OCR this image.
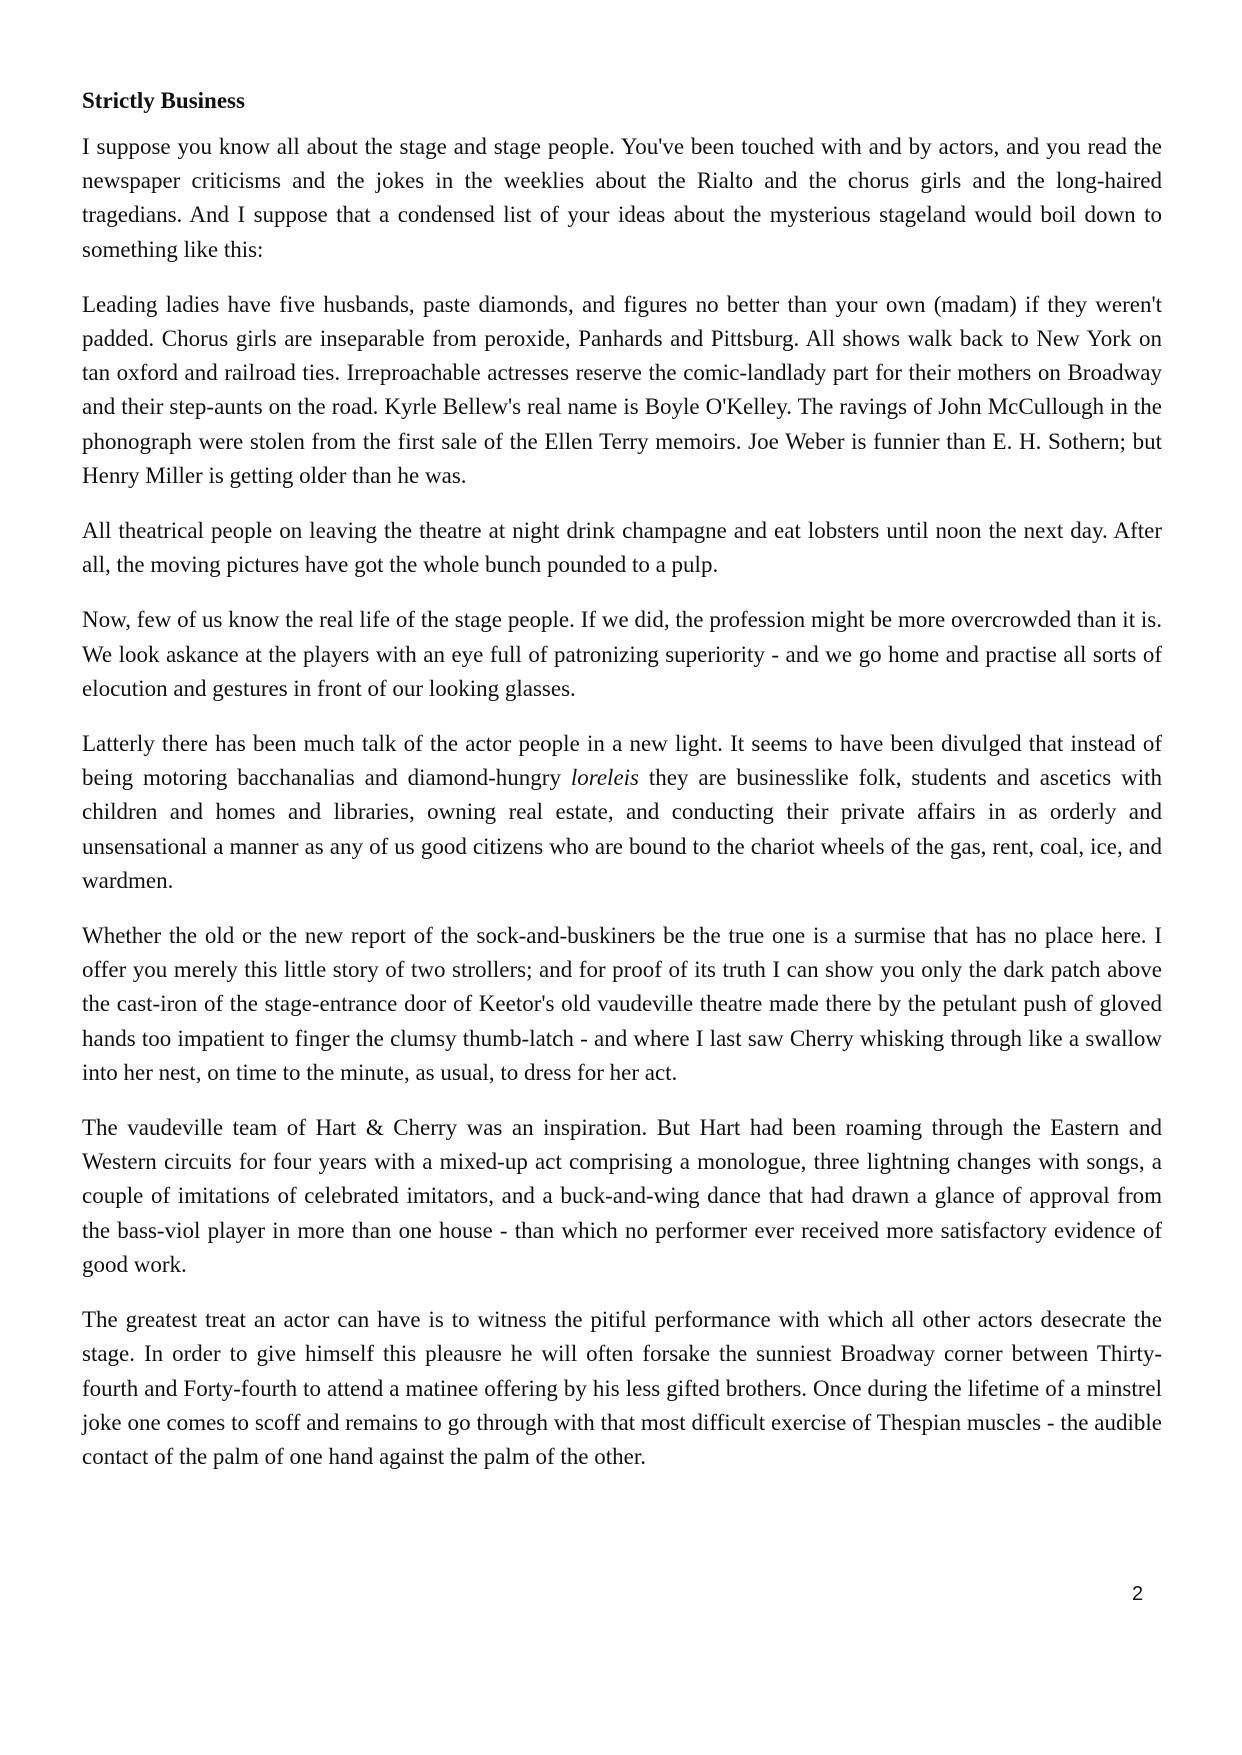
Strictly Business

I suppose you know all about the stage and stage people. You've been touched with and by actors, and you read the newspaper criticisms and the jokes in the weeklies about the Rialto and the chorus girls and the long-haired tragedians. And I suppose that a condensed list of your ideas about the mysterious stageland would boil down to something like this:

Leading ladies have five husbands, paste diamonds, and figures no better than your own (madam) if they weren't padded. Chorus girls are inseparable from peroxide, Panhards and Pittsburg. All shows walk back to New York on tan oxford and railroad ties. Irreproachable actresses reserve the comic-landlady part for their mothers on Broadway and their step-aunts on the road. Kyrle Bellew's real name is Boyle O'Kelley. The ravings of John McCullough in the phonograph were stolen from the first sale of the Ellen Terry memoirs. Joe Weber is funnier than E. H. Sothern; but Henry Miller is getting older than he was.

All theatrical people on leaving the theatre at night drink champagne and eat lobsters until noon the next day. After all, the moving pictures have got the whole bunch pounded to a pulp.

Now, few of us know the real life of the stage people. If we did, the profession might be more overcrowded than it is. We look askance at the players with an eye full of patronizing superiority - and we go home and practise all sorts of elocution and gestures in front of our looking glasses.

Latterly there has been much talk of the actor people in a new light. It seems to have been divulged that instead of being motoring bacchanalias and diamond-hungry loreleis they are businesslike folk, students and ascetics with children and homes and libraries, owning real estate, and conducting their private affairs in as orderly and unsensational a manner as any of us good citizens who are bound to the chariot wheels of the gas, rent, coal, ice, and wardmen.

Whether the old or the new report of the sock-and-buskiners be the true one is a surmise that has no place here. I offer you merely this little story of two strollers; and for proof of its truth I can show you only the dark patch above the cast-iron of the stage-entrance door of Keetor's old vaudeville theatre made there by the petulant push of gloved hands too impatient to finger the clumsy thumb-latch - and where I last saw Cherry whisking through like a swallow into her nest, on time to the minute, as usual, to dress for her act.

The vaudeville team of Hart & Cherry was an inspiration. But Hart had been roaming through the Eastern and Western circuits for four years with a mixed-up act comprising a monologue, three lightning changes with songs, a couple of imitations of celebrated imitators, and a buck-and-wing dance that had drawn a glance of approval from the bass-viol player in more than one house - than which no performer ever received more satisfactory evidence of good work.

The greatest treat an actor can have is to witness the pitiful performance with which all other actors desecrate the stage. In order to give himself this pleausre he will often forsake the sunniest Broadway corner between Thirty-fourth and Forty-fourth to attend a matinee offering by his less gifted brothers. Once during the lifetime of a minstrel joke one comes to scoff and remains to go through with that most difficult exercise of Thespian muscles - the audible contact of the palm of one hand against the palm of the other.

2
